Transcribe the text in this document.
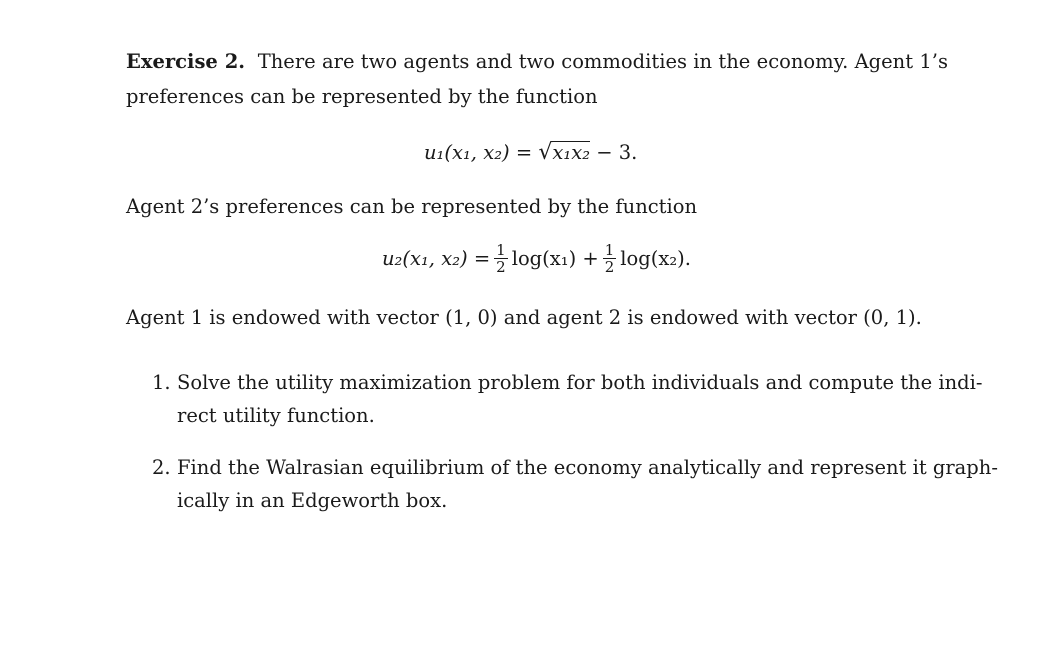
Exercise 2. There are two agents and two commodities in the economy. Agent 1’s
preferences can be represented by the function
u₁(x₁, x₂) = √x₁x₂ − 3.
Agent 2’s preferences can be represented by the function
u₂(x₁, $x_2) = \frac{1}{2} \log(x_1) + \frac{1}{2} \log(x_2)$.
Agent 1 is endowed with vector (1, 0) and agent 2 is endowed with vector (0, 1).
1. Solve the utility maximization problem for both individuals and compute the indi-
rect utility function.
2. Find the Walrasian equilibrium of the economy analytically and represent it graph-
ically in an Edgeworth box.
